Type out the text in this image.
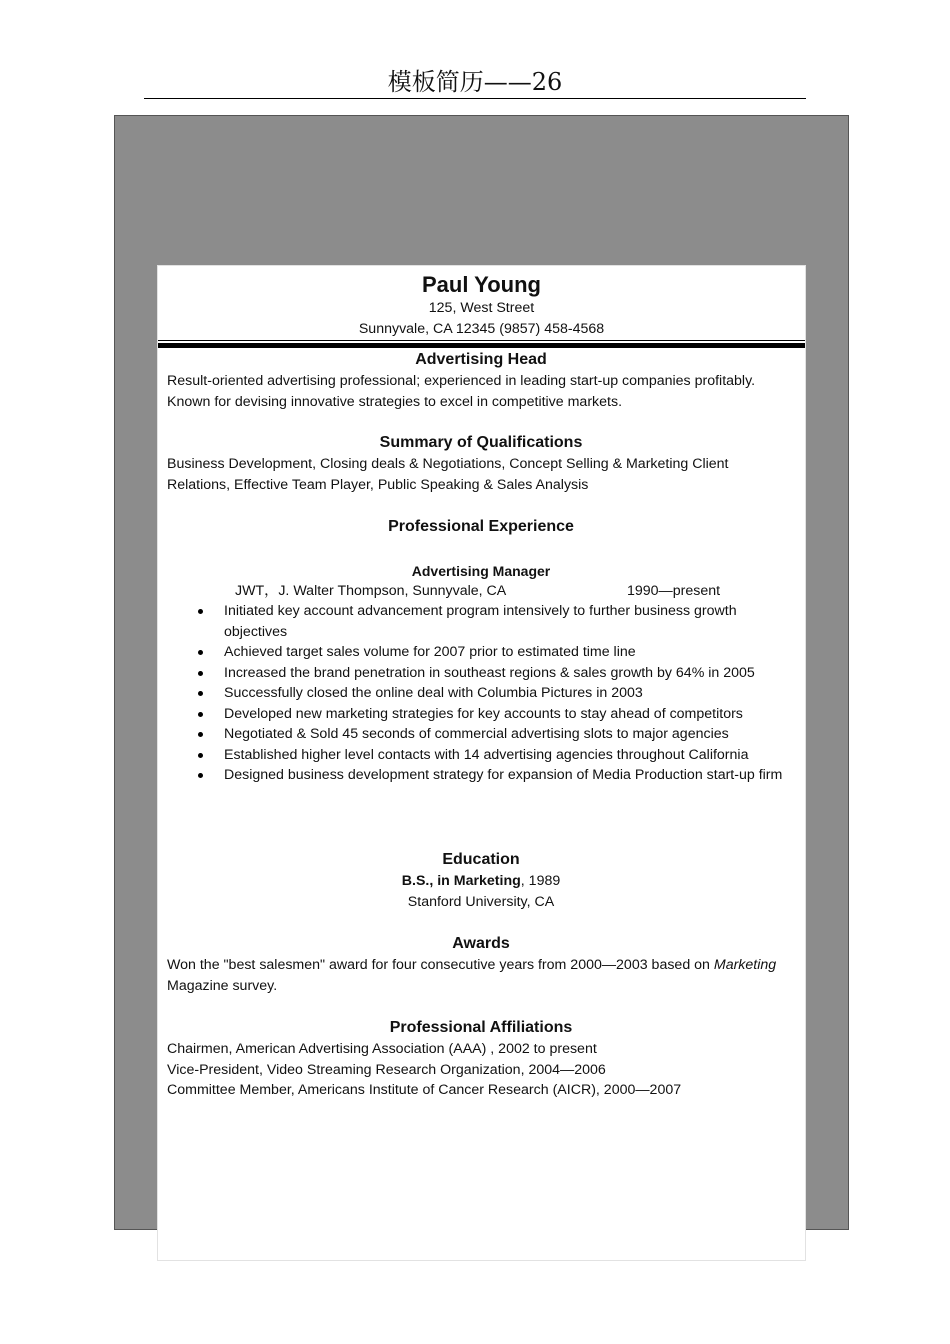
模板简历——26
Paul Young
125, West Street
Sunnyvale, CA 12345 (9857) 458-4568
Advertising Head

Result-oriented advertising professional; experienced in leading start-up companies profitably. Known for devising innovative strategies to excel in competitive markets.

Summary of Qualifications

Business Development, Closing deals & Negotiations, Concept Selling & Marketing Client Relations, Effective Team Player, Public Speaking & Sales Analysis

Professional Experience
Advertising Manager
JWT，J. Walter Thompson, Sunnyvale, CA	1990—present
Initiated key account advancement program intensively to further business growth objectives
Achieved target sales volume for 2007 prior to estimated time line
Increased the brand penetration in southeast regions & sales growth by 64% in 2005
Successfully closed the online deal with Columbia Pictures in 2003
Developed new marketing strategies for key accounts to stay ahead of competitors
Negotiated & Sold 45 seconds of commercial advertising slots to major agencies
Established higher level contacts with 14 advertising agencies throughout California
Designed business development strategy for expansion of Media Production start-up firm
Education
B.S., in Marketing, 1989
Stanford University, CA
Awards

Won the "best salesmen" award for four consecutive years from 2000—2003 based on Marketing Magazine survey.

Professional Affiliations
Chairmen, American Advertising Association (AAA) , 2002 to present
Vice-President, Video Streaming Research Organization, 2004—2006
Committee Member, Americans Institute of Cancer Research (AICR), 2000—2007
